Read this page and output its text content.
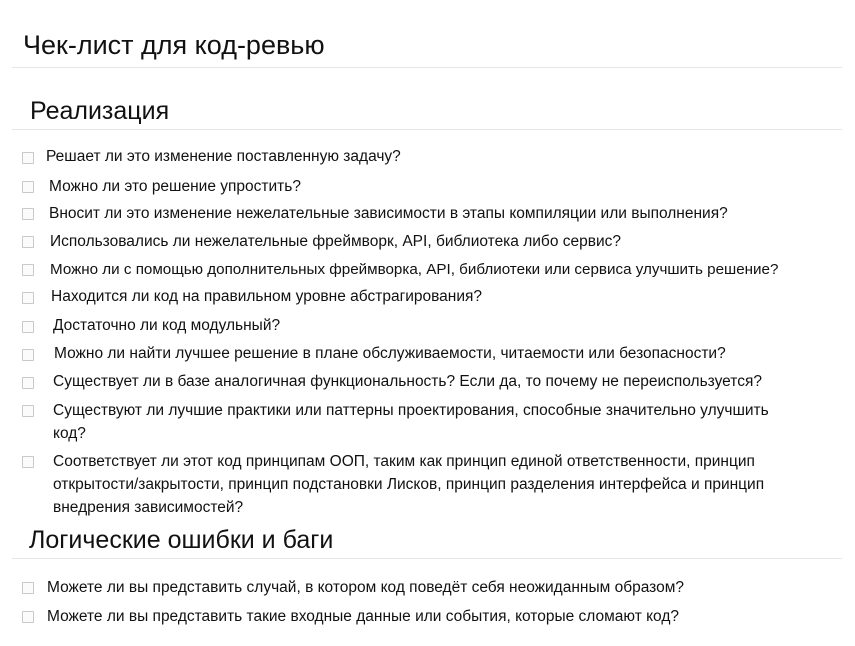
Чек-лист для код-ревью
Реализация
Решает ли это изменение поставленную задачу?
Можно ли это решение упростить?
Вносит ли это изменение нежелательные зависимости в этапы компиляции или выполнения?
Использовались ли нежелательные фреймворк, API, библиотека либо сервис?
Можно ли с помощью дополнительных фреймворка, API, библиотеки или сервиса улучшить решение?
Находится ли код на правильном уровне абстрагирования?
Достаточно ли код модульный?
Можно ли найти лучшее решение в плане обслуживаемости, читаемости или безопасности?
Существует ли в базе аналогичная функциональность? Если да, то почему не переиспользуется?
Существуют ли лучшие практики или паттерны проектирования, способные значительно улучшить код?
Соответствует ли этот код принципам ООП, таким как принцип единой ответственности, принцип открытости/закрытости, принцип подстановки Лисков, принцип разделения интерфейса и принцип внедрения зависимостей?
Логические ошибки и баги
Можете ли вы представить случай, в котором код поведёт себя неожиданным образом?
Можете ли вы представить такие входные данные или события, которые сломают код?
